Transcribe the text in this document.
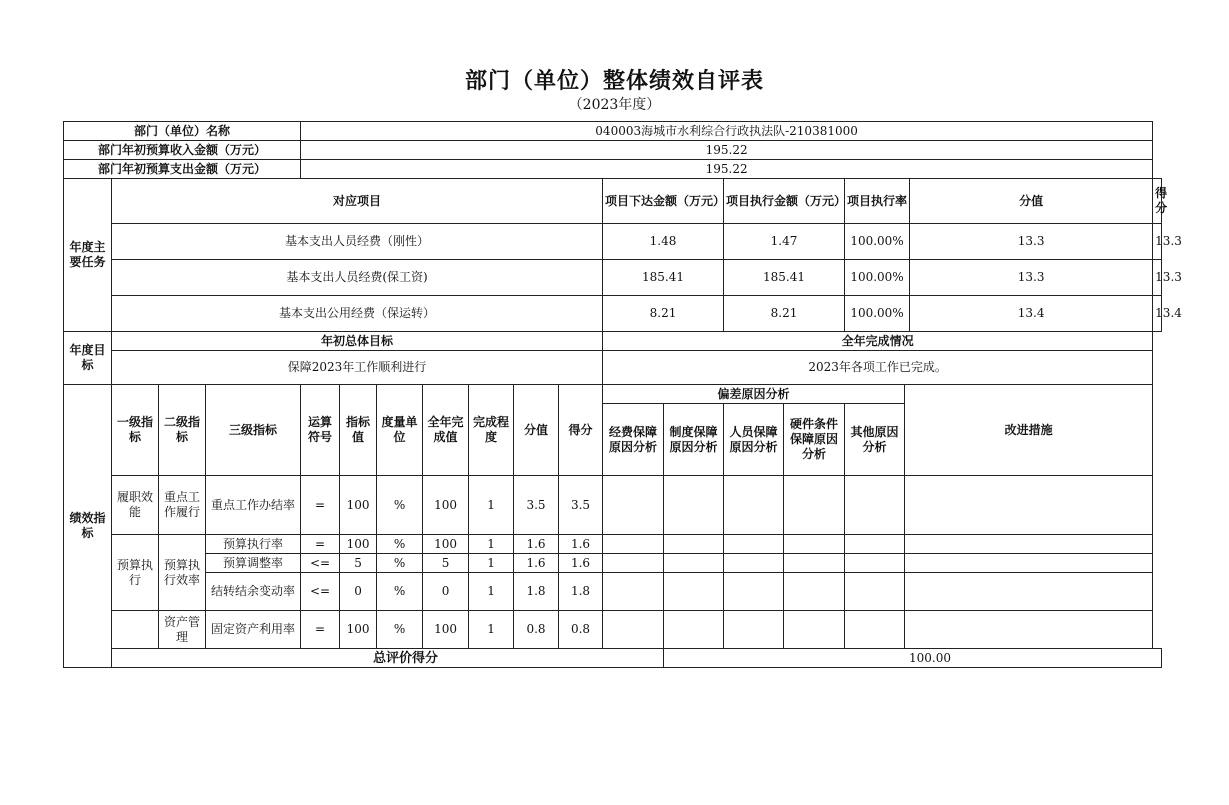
部门（单位）整体绩效自评表
（2023年度）
部门（单位）名称				040003海城市水利综合行政执法队-210381000														
部门年初预算收入金额（万元）				195.22														
部门年初预算支出金额（万元）				195.22														
年度主要任务	对应项目										项目下达金额（万元）		项目执行金额（万元）		项目执行率		分值	得分
	基本支出人员经费（刚性）										1.48		1.47		100.00%		13.3	13.3
	基本支出人员经费(保工资)										185.41		185.41		100.00%		13.3	13.3
	基本支出公用经费（保运转）										8.21		8.21		100.00%		13.4	13.4
年度目标	年初总体目标										全年完成情况							
	保障2023年工作顺利进行										2023年各项工作已完成。							
绩效指标	一级指标	二级指标	三级指标	运算符号	指标值	度量单位	全年完成值	完成程度	分值	得分	偏差原因分析					改进措施		
											经费保障原因分析	制度保障原因分析	人员保障原因分析	硬件条件保障原因分析	其他原因分析			
	履职效能	重点工作履行	重点工作办结率	=	100	%	100	1	3.5	3.5								
	预算执行	预算执行效率	预算执行率	=	100	%	100	1	1.6	1.6								
			预算调整率	<=	5	%	5	1	1.6	1.6								
			结转结余变动率	<=	0	%	0	1	1.8	1.8								
		资产管理	固定资产利用率	=	100	%	100	1	0.8	0.8								
	总评价得分											100.00						
